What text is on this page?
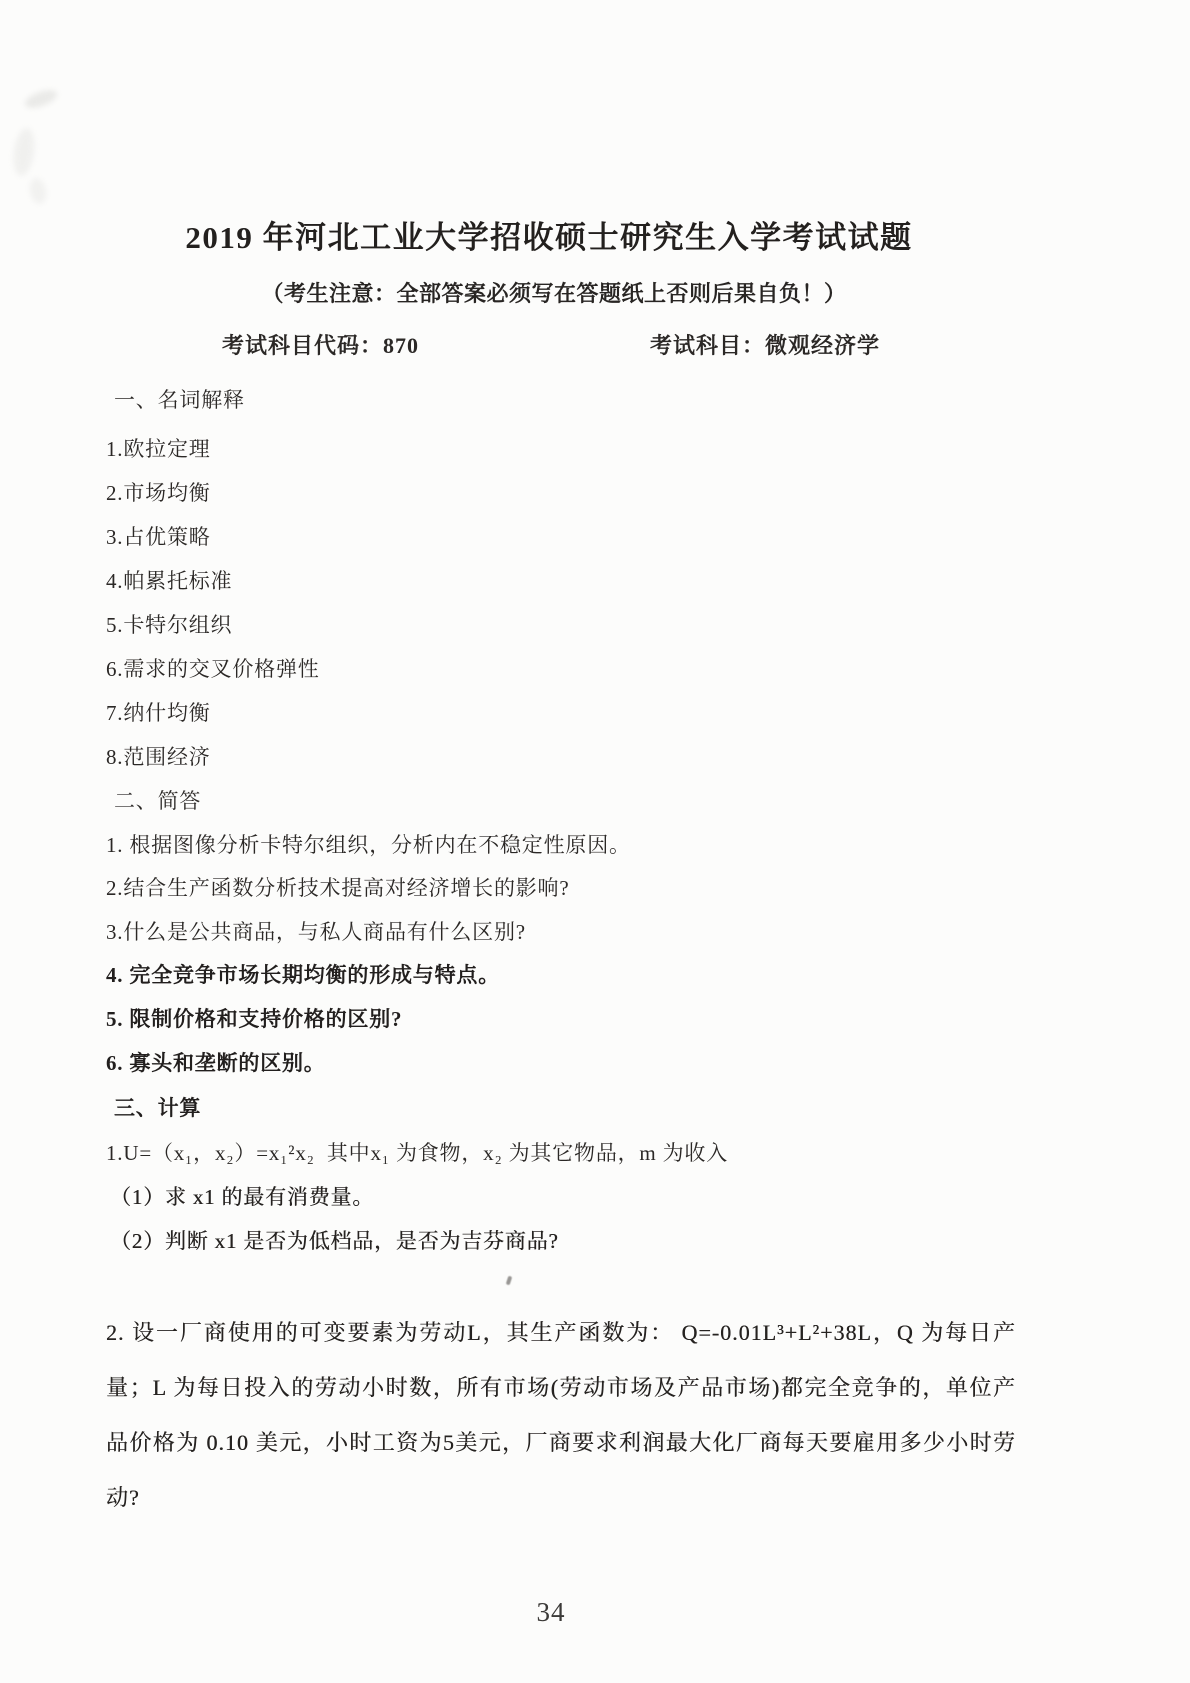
2019 年河北工业大学招收硕士研究生入学考试试题
（考生注意：全部答案必须写在答题纸上否则后果自负！）
考试科目代码：870	考试科目：微观经济学
一、名词解释
1.欧拉定理
2.市场均衡
3.占优策略
4.帕累托标准
5.卡特尔组织
6.需求的交叉价格弹性
7.纳什均衡
8.范围经济
二、简答
1. 根据图像分析卡特尔组织，分析内在不稳定性原因。
2.结合生产函数分析技术提高对经济增长的影响?
3.什么是公共商品，与私人商品有什么区别?
4. 完全竞争市场长期均衡的形成与特点。
5. 限制价格和支持价格的区别?
6. 寡头和垄断的区别。
三、计算
1.U=（x₁，x₂）=x₁²x₂  其中x₁ 为食物，x₂ 为其它物品，m 为收入
（1）求 x1 的最有消费量。
（2）判断 x1 是否为低档品，是否为吉芬商品?
2. 设一厂商使用的可变要素为劳动L，其生产函数为： Q=-0.01L³+L²+38L，Q 为每日产量；L 为每日投入的劳动小时数，所有市场(劳动市场及产品市场)都完全竞争的，单位产品价格为 0.10 美元，小时工资为5美元，厂商要求利润最大化厂商每天要雇用多少小时劳动?
34
